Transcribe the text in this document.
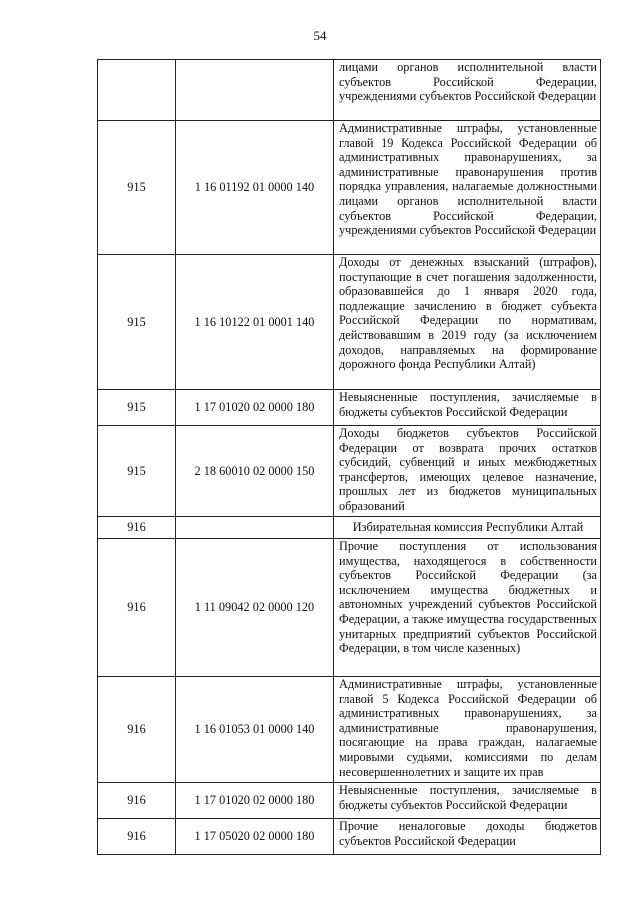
54
		лицами органов исполнительной власти субъектов Российской Федерации, учреждениями субъектов Российской Федерации
915	1 16 01192 01 0000 140	Административные штрафы, установленные главой 19 Кодекса Российской Федерации об административных правонарушениях, за административные правонарушения против порядка управления, налагаемые должностными лицами органов исполнительной власти субъектов Российской Федерации, учреждениями субъектов Российской Федерации
915	1 16 10122 01 0001 140	Доходы от денежных взысканий (штрафов), поступающие в счет погашения задолженности, образовавшейся до 1 января 2020 года, подлежащие зачислению в бюджет субъекта Российской Федерации по нормативам, действовавшим в 2019 году (за исключением доходов, направляемых на формирование дорожного фонда Республики Алтай)
915	1 17 01020 02 0000 180	Невыясненные поступления, зачисляемые в бюджеты субъектов Российской Федерации
915	2 18 60010 02 0000 150	Доходы бюджетов субъектов Российской Федерации от возврата прочих остатков субсидий, субвенций и иных межбюджетных трансфертов, имеющих целевое назначение, прошлых лет из бюджетов муниципальных образований
916		Избирательная комиссия Республики Алтай
916	1 11 09042 02 0000 120	Прочие поступления от использования имущества, находящегося в собственности субъектов Российской Федерации (за исключением имущества бюджетных и автономных учреждений субъектов Российской Федерации, а также имущества государственных унитарных предприятий субъектов Российской Федерации, в том числе казенных)
916	1 16 01053 01 0000 140	Административные штрафы, установленные главой 5 Кодекса Российской Федерации об административных правонарушениях, за административные правонарушения, посягающие на права граждан, налагаемые мировыми судьями, комиссиями по делам несовершеннолетних и защите их прав
916	1 17 01020 02 0000 180	Невыясненные поступления, зачисляемые в бюджеты субъектов Российской Федерации
916	1 17 05020 02 0000 180	Прочие неналоговые доходы бюджетов субъектов Российской Федерации
